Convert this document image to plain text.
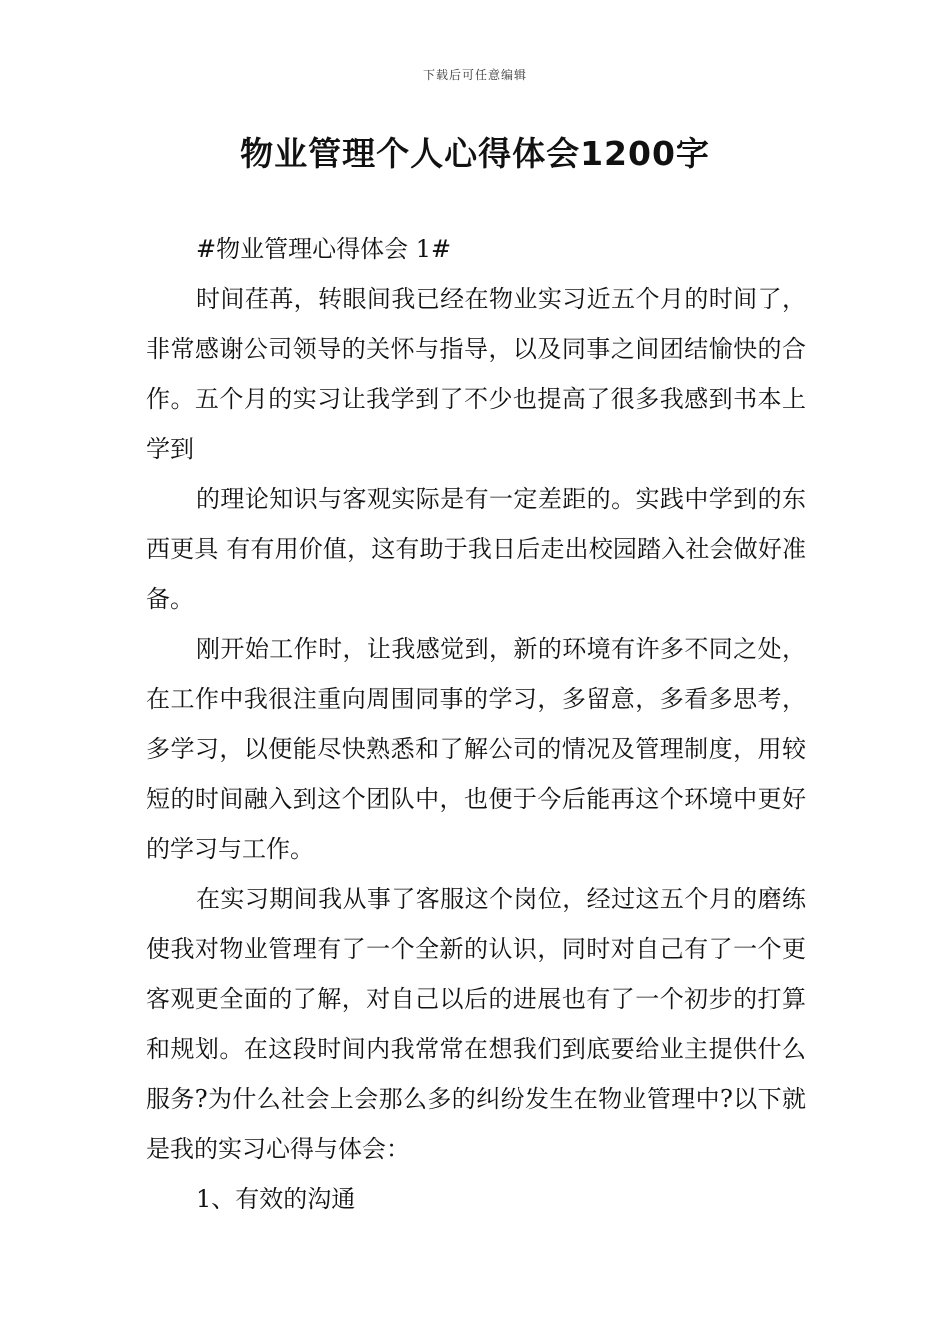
下载后可任意编辑
物业管理个人心得体会1200字

#物业管理心得体会 1#

时间荏苒，转眼间我已经在物业实习近五个月的时间了，非常感谢公司领导的关怀与指导，以及同事之间团结愉快的合作。五个月的实习让我学到了不少也提高了很多我感到书本上学到

的理论知识与客观实际是有一定差距的。实践中学到的东西更具 有有用价值，这有助于我日后走出校园踏入社会做好准备。

刚开始工作时，让我感觉到，新的环境有许多不同之处，在工作中我很注重向周围同事的学习，多留意，多看多思考，多学习，以便能尽快熟悉和了解公司的情况及管理制度，用较短的时间融入到这个团队中，也便于今后能再这个环境中更好的学习与工作。

在实习期间我从事了客服这个岗位，经过这五个月的磨练使我对物业管理有了一个全新的认识，同时对自己有了一个更客观更全面的了解，对自己以后的进展也有了一个初步的打算和规划。在这段时间内我常常在想我们到底要给业主提供什么服务?为什么社会上会那么多的纠纷发生在物业管理中?以下就是我的实习心得与体会：

1、有效的沟通
